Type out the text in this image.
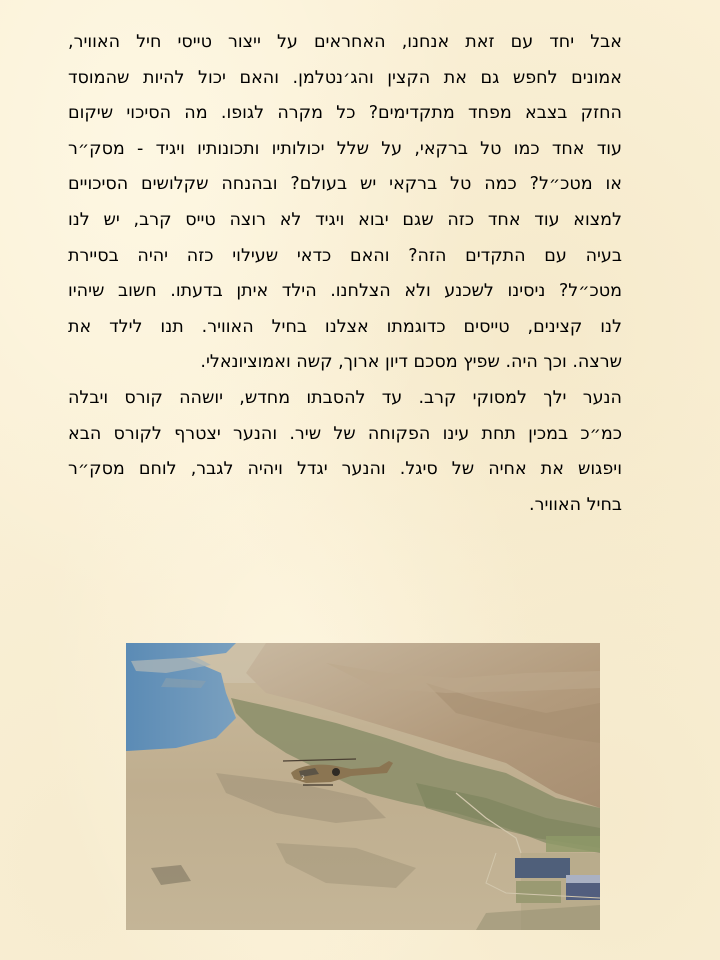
אבל יחד עם זאת אנחנו, האחראים על ייצור טייסי חיל האוויר,
אמונים לחפש גם את הקצין והג׳נטלמן. והאם יכול להיות שהמוסד
החזק בצבא מפחד מתקדימים? כל מקרה לגופו. מה הסיכוי שיקום
עוד אחד כמו טל ברקאי, על שלל יכולותיו ותכונותיו ויגיד - מסק״ר
או מטכ״ל? כמה טל ברקאי יש בעולם? ובהנחה שקלושים הסיכויים
למצוא עוד אחד כזה שגם יבוא ויגיד לא רוצה טייס קרב, יש לנו
בעיה עם התקדים הזה? והאם כדאי שעילוי כזה יהיה בסיירת
מטכ״ל? ניסינו לשכנע ולא הצלחנו. הילד איתן בדעתו. חשוב שיהיו
לנו קצינים, טייסים כדוגמתו אצלנו בחיל האוויר. תנו לילד את
שרצה. וכך היה. שפיץ מסכם דיון ארוך, קשה ואמוציונאלי.
הנער ילך למסוקי קרב. עד להסבתו מחדש, יושהה קורס ויבלה
כמ״כ במכין תחת עינו הפקוחה של שיר. והנער יצטרף לקורס הבא
ויפגוש את אחיה של סיגל. והנער יגדל ויהיה לגבר, לוחם מסק״ר
בחיל האוויר.
2
